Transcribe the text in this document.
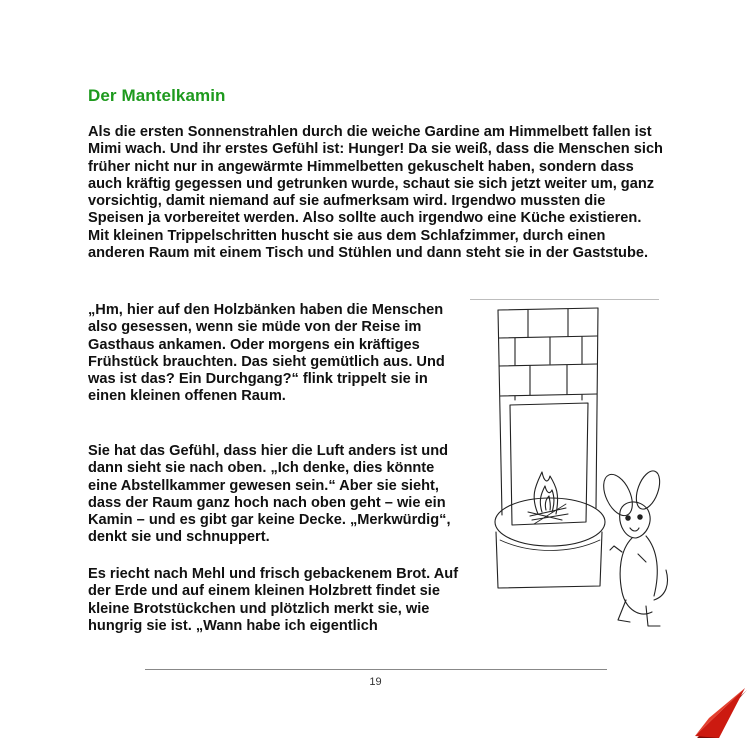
Der Mantelkamin

Als die ersten Sonnenstrahlen durch die weiche Gardine am Himmelbett fallen ist Mimi wach. Und ihr erstes Gefühl ist: Hunger! Da sie weiß, dass die Menschen sich früher nicht nur in angewärmte Himmelbetten gekuschelt haben, sondern dass auch kräftig gegessen und getrunken wurde, schaut sie sich jetzt weiter um, ganz vorsichtig, damit niemand auf sie aufmerksam wird. Irgendwo mussten die Speisen ja vorbereitet werden. Also sollte auch irgendwo eine Küche existieren. Mit kleinen Trippelschritten huscht sie aus dem Schlafzimmer, durch einen anderen Raum mit einem Tisch und Stühlen und dann steht sie in der Gaststube.

„Hm, hier auf den Holzbänken haben die Menschen also gesessen, wenn sie müde von der Reise im Gasthaus ankamen. Oder morgens ein kräftiges Frühstück brauchten. Das sieht gemütlich aus. Und was ist das? Ein Durchgang?“ flink trippelt sie in einen kleinen offenen Raum.

Sie hat das Gefühl, dass hier die Luft anders ist und dann sieht sie nach oben. „Ich denke, dies könnte eine Abstellkammer gewesen sein.“ Aber sie sieht, dass der Raum ganz hoch nach oben geht – wie ein Kamin – und es gibt gar keine Decke. „Merkwürdig“, denkt sie und schnuppert.

Es riecht nach Mehl und frisch gebackenem Brot. Auf der Erde und auf einem kleinen Holzbrett findet sie kleine Brotstückchen und plötzlich merkt sie, wie hungrig sie ist. „Wann habe ich eigentlich

19
